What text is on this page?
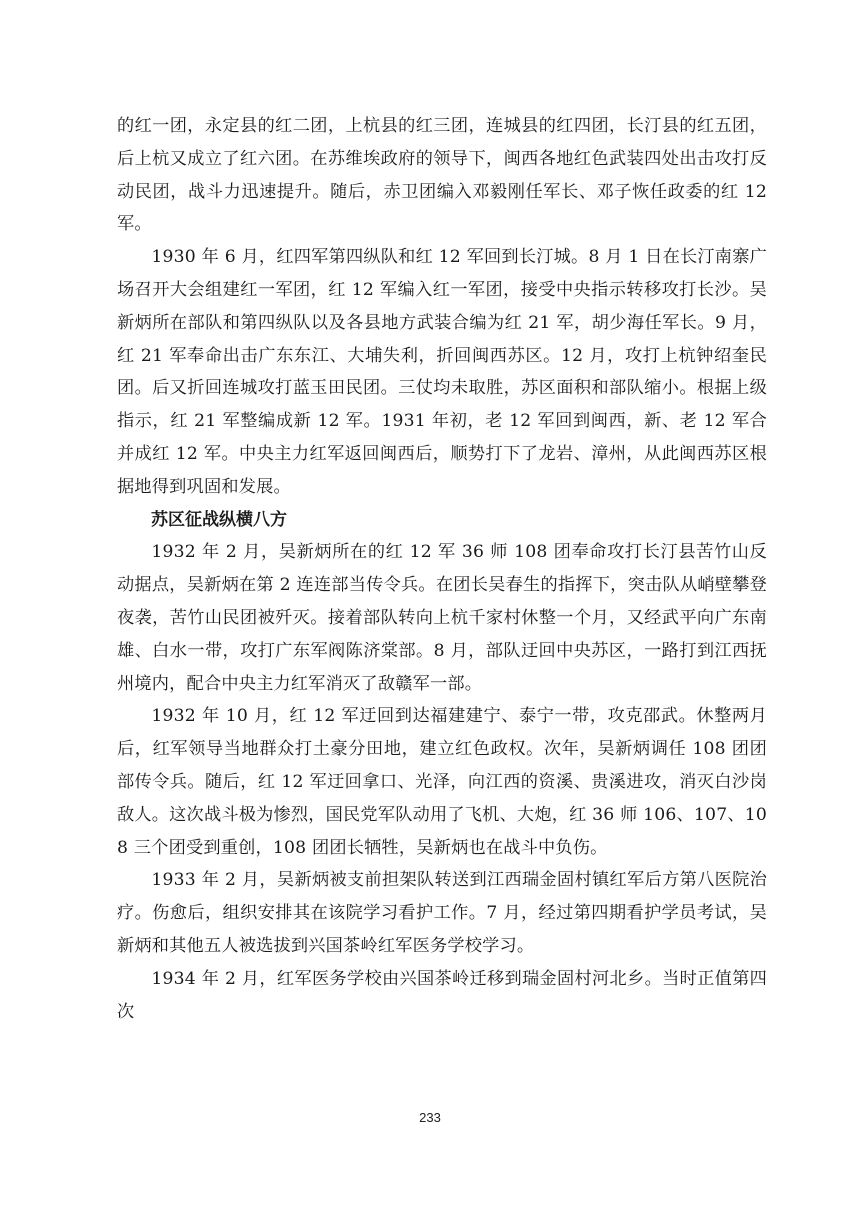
的红一团，永定县的红二团，上杭县的红三团，连城县的红四团，长汀县的红五团，后上杭又成立了红六团。在苏维埃政府的领导下，闽西各地红色武装四处出击攻打反动民团，战斗力迅速提升。随后，赤卫团编入邓毅刚任军长、邓子恢任政委的红 12 军。

1930 年 6 月，红四军第四纵队和红 12 军回到长汀城。8 月 1 日在长汀南寨广场召开大会组建红一军团，红 12 军编入红一军团，接受中央指示转移攻打长沙。吴新炳所在部队和第四纵队以及各县地方武装合编为红 21 军，胡少海任军长。9 月，红 21 军奉命出击广东东江、大埔失利，折回闽西苏区。12 月，攻打上杭钟绍奎民团。后又折回连城攻打蓝玉田民团。三仗均未取胜，苏区面积和部队缩小。根据上级指示，红 21 军整编成新 12 军。1931 年初，老 12 军回到闽西，新、老 12 军合并成红 12 军。中央主力红军返回闽西后，顺势打下了龙岩、漳州，从此闽西苏区根据地得到巩固和发展。

苏区征战纵横八方

1932 年 2 月，吴新炳所在的红 12 军 36 师 108 团奉命攻打长汀县苦竹山反动据点，吴新炳在第 2 连连部当传令兵。在团长吴春生的指挥下，突击队从峭壁攀登夜袭，苦竹山民团被歼灭。接着部队转向上杭千家村休整一个月，又经武平向广东南雄、白水一带，攻打广东军阀陈济棠部。8 月，部队迂回中央苏区，一路打到江西抚州境内，配合中央主力红军消灭了敌赣军一部。

1932 年 10 月，红 12 军迂回到达福建建宁、泰宁一带，攻克邵武。休整两月后，红军领导当地群众打土豪分田地，建立红色政权。次年，吴新炳调任 108 团团部传令兵。随后，红 12 军迂回拿口、光泽，向江西的资溪、贵溪进攻，消灭白沙岗敌人。这次战斗极为惨烈，国民党军队动用了飞机、大炮，红 36 师 106、107、108 三个团受到重创，108 团团长牺牲，吴新炳也在战斗中负伤。

1933 年 2 月，吴新炳被支前担架队转送到江西瑞金固村镇红军后方第八医院治疗。伤愈后，组织安排其在该院学习看护工作。7 月，经过第四期看护学员考试，吴新炳和其他五人被选拔到兴国茶岭红军医务学校学习。

1934 年 2 月，红军医务学校由兴国茶岭迁移到瑞金固村河北乡。当时正值第四次

233
